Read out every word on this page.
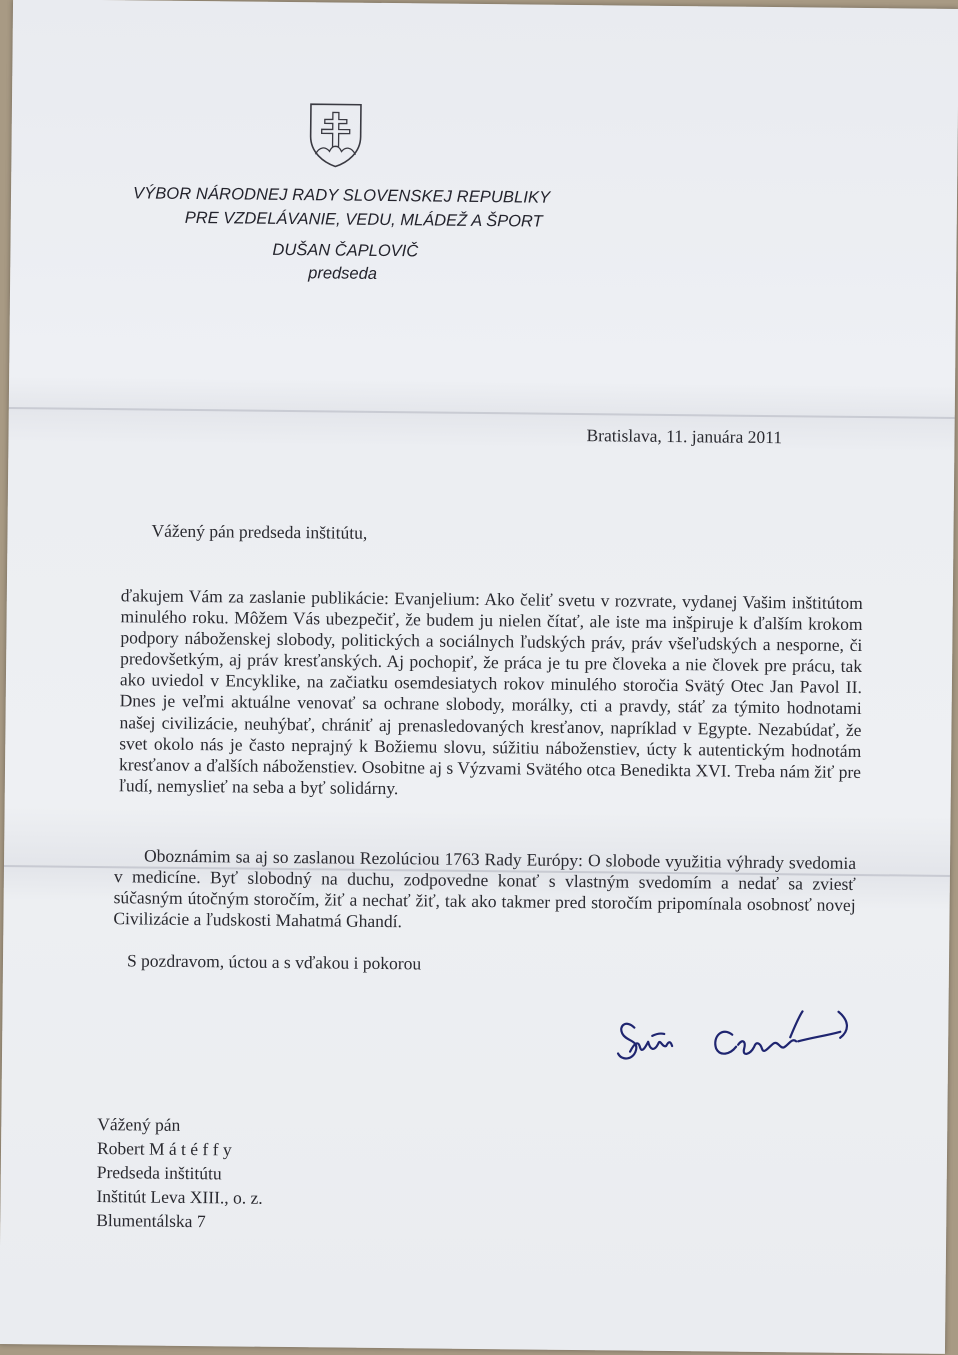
VÝBOR NÁRODNEJ RADY SLOVENSKEJ REPUBLIKY
PRE VZDELÁVANIE, VEDU, MLÁDEŽ A ŠPORT
DUŠAN ČAPLOVIČ
predseda
Bratislava, 11. januára 2011
Vážený pán predseda inštitútu,
ďakujem Vám za zaslanie publikácie: Evanjelium: Ako čeliť svetu v rozvrate, vydanej Vašim inštitútom minulého roku. Môžem Vás ubezpečiť, že budem ju nielen čítať, ale iste ma inšpiruje k ďalším krokom podpory náboženskej slobody, politických a sociálnych ľudských práv, práv všeľudských a nesporne, či predovšetkým, aj práv kresťanských. Aj pochopiť, že práca je tu pre človeka a nie človek pre prácu, tak ako uviedol v Encyklike, na začiatku osemdesiatych rokov minulého storočia Svätý Otec Jan Pavol II. Dnes je veľmi aktuálne venovať sa ochrane slobody, morálky, cti a pravdy, stáť za týmito hodnotami našej civilizácie, neuhýbať, chrániť aj prenasledovaných kresťanov, napríklad v Egypte. Nezabúdať, že svet okolo nás je často neprajný k Božiemu slovu, súžitiu náboženstiev, úcty k autentickým hodnotám kresťanov a ďalších náboženstiev. Osobitne aj s Výzvami Svätého otca Benedikta XVI. Treba nám žiť pre ľudí, nemyslieť na seba a byť solidárny.
Oboznámim sa aj so zaslanou Rezolúciou 1763 Rady Európy: O slobode využitia výhrady svedomia v medicíne. Byť slobodný na duchu, zodpovedne konať s vlastným svedomím a nedať sa zviesť súčasným útočným storočím, žiť a nechať žiť, tak ako takmer pred storočím pripomínala osobnosť novej Civilizácie a ľudskosti Mahatmá Ghandí.
S pozdravom, úctou a s vďakou i pokorou
Vážený pán
Robert M á t é f f y
Predseda inštitútu
Inštitút Leva XIII., o. z.
Blumentálska 7
